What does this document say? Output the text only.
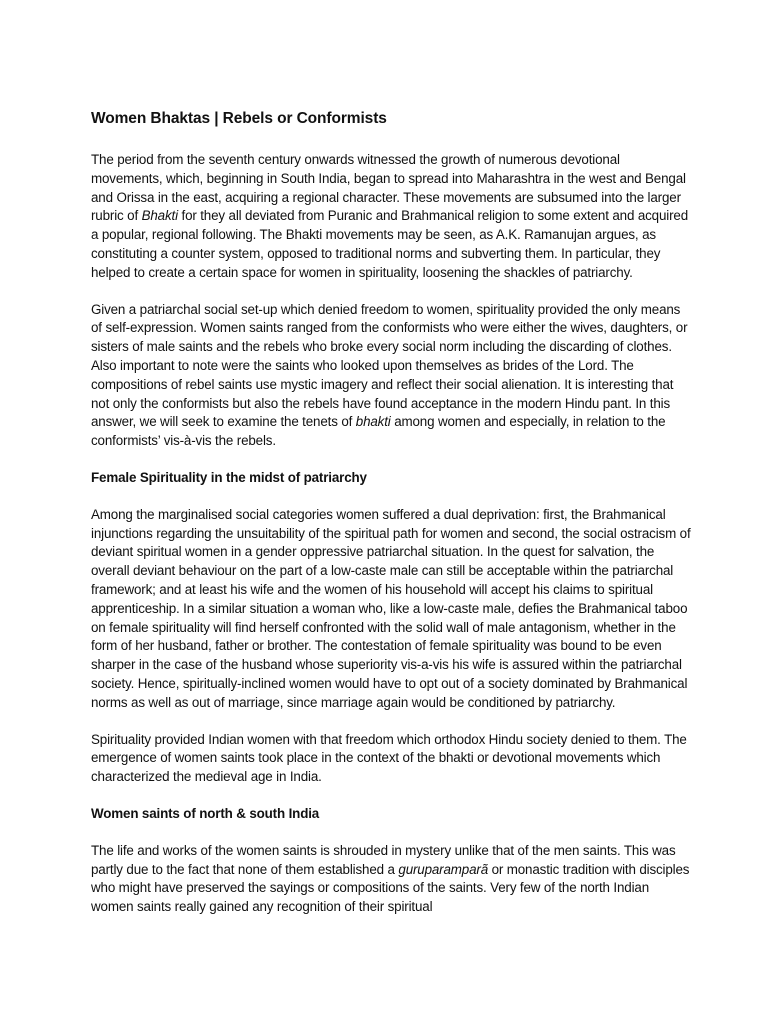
Women Bhaktas | Rebels or Conformists

The period from the seventh century onwards witnessed the growth of numerous devotional movements, which, beginning in South India, began to spread into Maharashtra in the west and Bengal and Orissa in the east, acquiring a regional character. These movements are subsumed into the larger rubric of Bhakti for they all deviated from Puranic and Brahmanical religion to some extent and acquired a popular, regional following. The Bhakti movements may be seen, as A.K. Ramanujan argues, as constituting a counter system, opposed to traditional norms and subverting them. In particular, they helped to create a certain space for women in spirituality, loosening the shackles of patriarchy.

Given a patriarchal social set-up which denied freedom to women, spirituality provided the only means of self-expression. Women saints ranged from the conformists who were either the wives, daughters, or sisters of male saints and the rebels who broke every social norm including the discarding of clothes. Also important to note were the saints who looked upon themselves as brides of the Lord. The compositions of rebel saints use mystic imagery and reflect their social alienation. It is interesting that not only the conformists but also the rebels have found acceptance in the modern Hindu pant. In this answer, we will seek to examine the tenets of bhakti among women and especially, in relation to the conformists’ vis-à-vis the rebels.

Female Spirituality in the midst of patriarchy

Among the marginalised social categories women suffered a dual deprivation: first, the Brahmanical injunctions regarding the unsuitability of the spiritual path for women and second, the social ostracism of deviant spiritual women in a gender oppressive patriarchal situation. In the quest for salvation, the overall deviant behaviour on the part of a low-caste male can still be acceptable within the patriarchal framework; and at least his wife and the women of his household will accept his claims to spiritual apprenticeship. In a similar situation a woman who, like a low-caste male, defies the Brahmanical taboo on female spirituality will find herself confronted with the solid wall of male antagonism, whether in the form of her husband, father or brother. The contestation of female spirituality was bound to be even sharper in the case of the husband whose superiority vis-a-vis his wife is assured within the patriarchal society. Hence, spiritually-inclined women would have to opt out of a society dominated by Brahmanical norms as well as out of marriage, since marriage again would be conditioned by patriarchy.

Spirituality provided Indian women with that freedom which orthodox Hindu society denied to them. The emergence of women saints took place in the context of the bhakti or devotional movements which characterized the medieval age in India.

Women saints of north & south India

The life and works of the women saints is shrouded in mystery unlike that of the men saints. This was partly due to the fact that none of them established a guruparamparã or monastic tradition with disciples who might have preserved the sayings or compositions of the saints. Very few of the north Indian women saints really gained any recognition of their spiritual
